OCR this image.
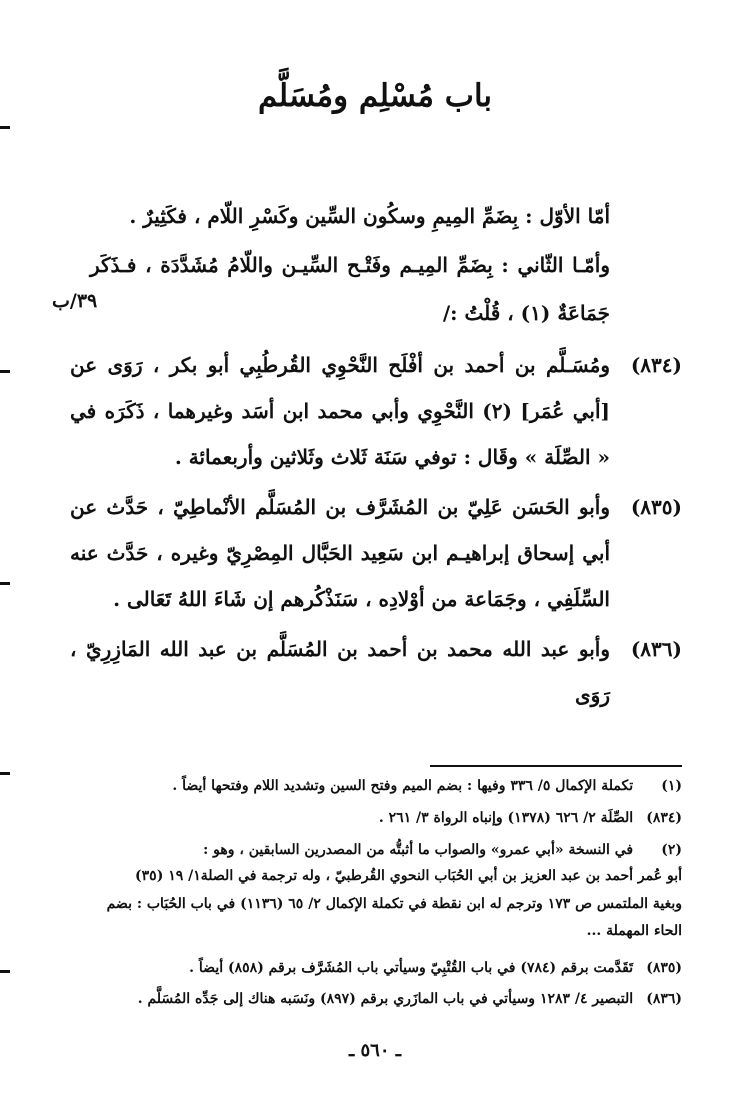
باب مُسْلِم ومُسَلَّم
أمّا الأوّل : بِضَمِّ المِيمِ وسكُون السِّين وكَسْرِ اللّام ، فكَثِيرٌ .
وأمّـا الثّاني : بِضَمِّ المِيـم وفَتْـح السِّيـن واللّامُ مُشَدَّدَة ، فـذَكَر جَمَاعَةٌ (١) ، قُلْتُ :/
٣٩/ب
(٨٣٤)
ومُسَـلَّم بن أحمد بن أفْلَح النَّحْوِي القُرطُبِي أبو بكر ، رَوَى عن [أبي عُمَر] (٢) النَّحْوِي وأبي محمد ابن أسَد وغيرهما ، ذَكَرَه في « الصِّلَة » وقَال : توفي سَنَة ثَلاث وثَلاثين وأربعمائة .
(٨٣٥)
وأبو الحَسَن عَلِيّ بن المُشَرَّف بن المُسَلَّم الأنْماطِيّ ، حَدَّث عن أبي إسحاق إبراهيـم ابن سَعِيد الحَبَّال المِصْرِيّ وغيره ، حَدَّث عنه السِّلَفِي ، وجَمَاعة من أوْلادِه ، سَنَذْكُرهم إن شَاءَ اللهُ تَعَالى .
(٨٣٦)
وأبو عبد الله محمد بن أحمد بن المُسَلَّم بن عبد الله المَازِرِيّ ، رَوَى
(١) تكملة الإكمال ٥/ ٣٣٦ وفيها : بضم الميم وفتح السين وتشديد اللام وفتحها أيضاً .
(٨٣٤) الصِّلَة ٢/ ٦٢٦ (١٣٧٨) وإنباه الرواة ٣/ ٢٦١ .
(٢) في النسخة «أبي عمرو» والصواب ما أثبتُّه من المصدرين السابقين ، وهو :
أبو عُمر أحمد بن عبد العزيز بن أبي الحُبَاب النحوي القُرطبيّ ، وله ترجمة في الصلة١/ ١٩ (٣٥)
وبغية الملتمس ص ١٧٣ وترجم له ابن نقطة في تكملة الإكمال ٢/ ٦٥ (١١٣٦) في باب الحُبَاب : بضم
الحاء المهملة ...
(٨٣٥) تَقَدَّمت برقم (٧٨٤) في باب القُتْبِيّ وسيأتي باب المُشَرَّف برقم (٨٥٨) أيضاً .
(٨٣٦) التبصير ٤/ ١٢٨٣ وسيأتي في باب المازَري برقم (٨٩٧) ونَسَبه هناك إلى جَدِّه المُسَلَّم .
ـ ٥٦٠ ـ
